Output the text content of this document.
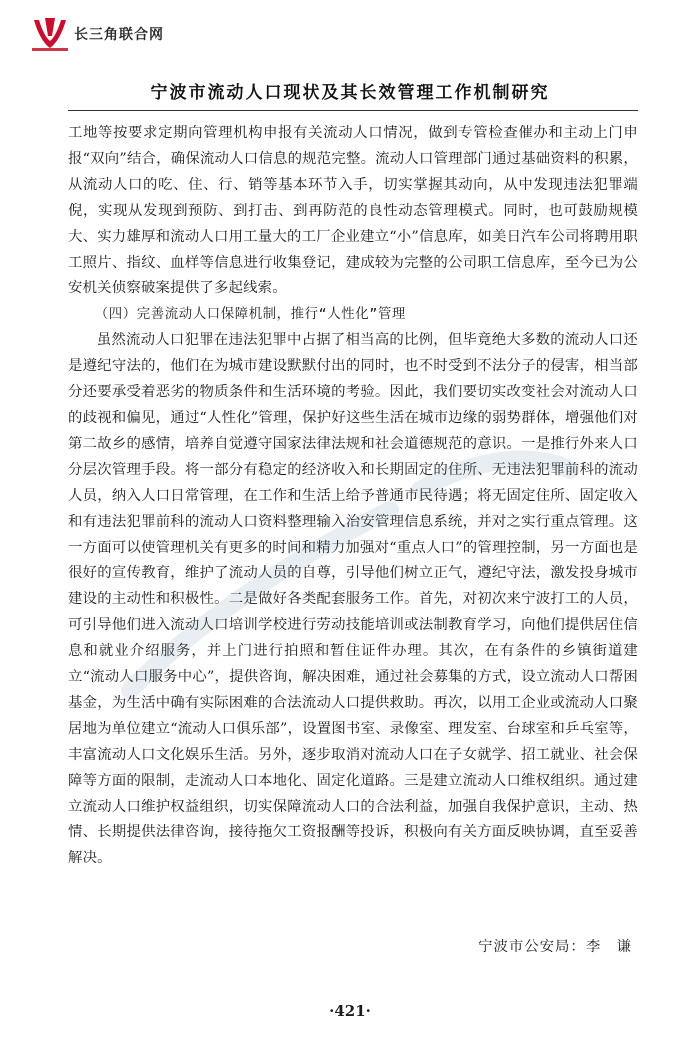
长三角联合网
宁波市流动人口现状及其长效管理工作机制研究

工地等按要求定期向管理机构申报有关流动人口情况，做到专管检查催办和主动上门申报“双向”结合，确保流动人口信息的规范完整。流动人口管理部门通过基础资料的积累，从流动人口的吃、住、行、销等基本环节入手，切实掌握其动向，从中发现违法犯罪端倪，实现从发现到预防、到打击、到再防范的良性动态管理模式。同时，也可鼓励规模大、实力雄厚和流动人口用工量大的工厂企业建立“小”信息库，如美日汽车公司将聘用职工照片、指纹、血样等信息进行收集登记，建成较为完整的公司职工信息库，至今已为公安机关侦察破案提供了多起线索。

（四）完善流动人口保障机制，推行“人性化”管理

虽然流动人口犯罪在违法犯罪中占据了相当高的比例，但毕竟绝大多数的流动人口还是遵纪守法的，他们在为城市建设默默付出的同时，也不时受到不法分子的侵害，相当部分还要承受着恶劣的物质条件和生活环境的考验。因此，我们要切实改变社会对流动人口的歧视和偏见，通过“人性化”管理，保护好这些生活在城市边缘的弱势群体，增强他们对第二故乡的感情，培养自觉遵守国家法律法规和社会道德规范的意识。一是推行外来人口分层次管理手段。将一部分有稳定的经济收入和长期固定的住所、无违法犯罪前科的流动人员，纳入人口日常管理，在工作和生活上给予普通市民待遇；将无固定住所、固定收入和有违法犯罪前科的流动人口资料整理输入治安管理信息系统，并对之实行重点管理。这一方面可以使管理机关有更多的时间和精力加强对“重点人口”的管理控制，另一方面也是很好的宣传教育，维护了流动人员的自尊，引导他们树立正气，遵纪守法，激发投身城市建设的主动性和积极性。二是做好各类配套服务工作。首先，对初次来宁波打工的人员，可引导他们进入流动人口培训学校进行劳动技能培训或法制教育学习，向他们提供居住信息和就业介绍服务，并上门进行拍照和暂住证件办理。其次，在有条件的乡镇街道建立“流动人口服务中心”，提供咨询，解决困难，通过社会募集的方式，设立流动人口帮困基金，为生活中确有实际困难的合法流动人口提供救助。再次，以用工企业或流动人口聚居地为单位建立“流动人口俱乐部”，设置图书室、录像室、理发室、台球室和乒乓室等，丰富流动人口文化娱乐生活。另外，逐步取消对流动人口在子女就学、招工就业、社会保障等方面的限制，走流动人口本地化、固定化道路。三是建立流动人口维权组织。通过建立流动人口维护权益组织，切实保障流动人口的合法利益，加强自我保护意识，主动、热情、长期提供法律咨询，接待拖欠工资报酬等投诉，积极向有关方面反映协调，直至妥善解决。

宁波市公安局：李　谦
·421·
